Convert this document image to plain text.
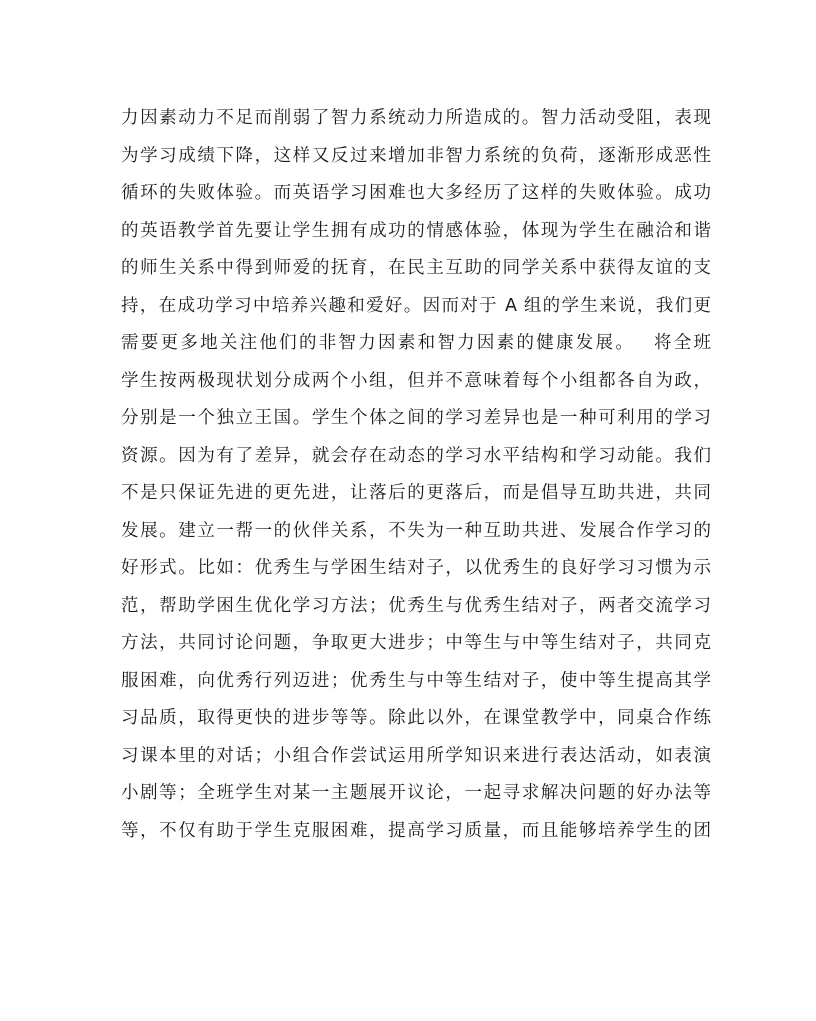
力因素动力不足而削弱了智力系统动力所造成的。智力活动受阻，表现
为学习成绩下降，这样又反过来增加非智力系统的负荷，逐渐形成恶性
循环的失败体验。而英语学习困难也大多经历了这样的失败体验。成功
的英语教学首先要让学生拥有成功的情感体验，体现为学生在融洽和谐
的师生关系中得到师爱的抚育，在民主互助的同学关系中获得友谊的支
持，在成功学习中培养兴趣和爱好。因而对于 A 组的学生来说，我们更
需要更多地关注他们的非智力因素和智力因素的健康发展。　 将全班
学生按两极现状划分成两个小组，但并不意味着每个小组都各自为政，
分别是一个独立王国。学生个体之间的学习差异也是一种可利用的学习
资源。因为有了差异，就会存在动态的学习水平结构和学习动能。我们
不是只保证先进的更先进，让落后的更落后，而是倡导互助共进，共同
发展。建立一帮一的伙伴关系，不失为一种互助共进、发展合作学习的
好形式。比如：优秀生与学困生结对子，以优秀生的良好学习习惯为示
范，帮助学困生优化学习方法；优秀生与优秀生结对子，两者交流学习
方法，共同讨论问题，争取更大进步；中等生与中等生结对子，共同克
服困难，向优秀行列迈进；优秀生与中等生结对子，使中等生提高其学
习品质，取得更快的进步等等。除此以外，在课堂教学中，同桌合作练
习课本里的对话；小组合作尝试运用所学知识来进行表达活动，如表演
小剧等；全班学生对某一主题展开议论，一起寻求解决问题的好办法等
等，不仅有助于学生克服困难，提高学习质量，而且能够培养学生的团
